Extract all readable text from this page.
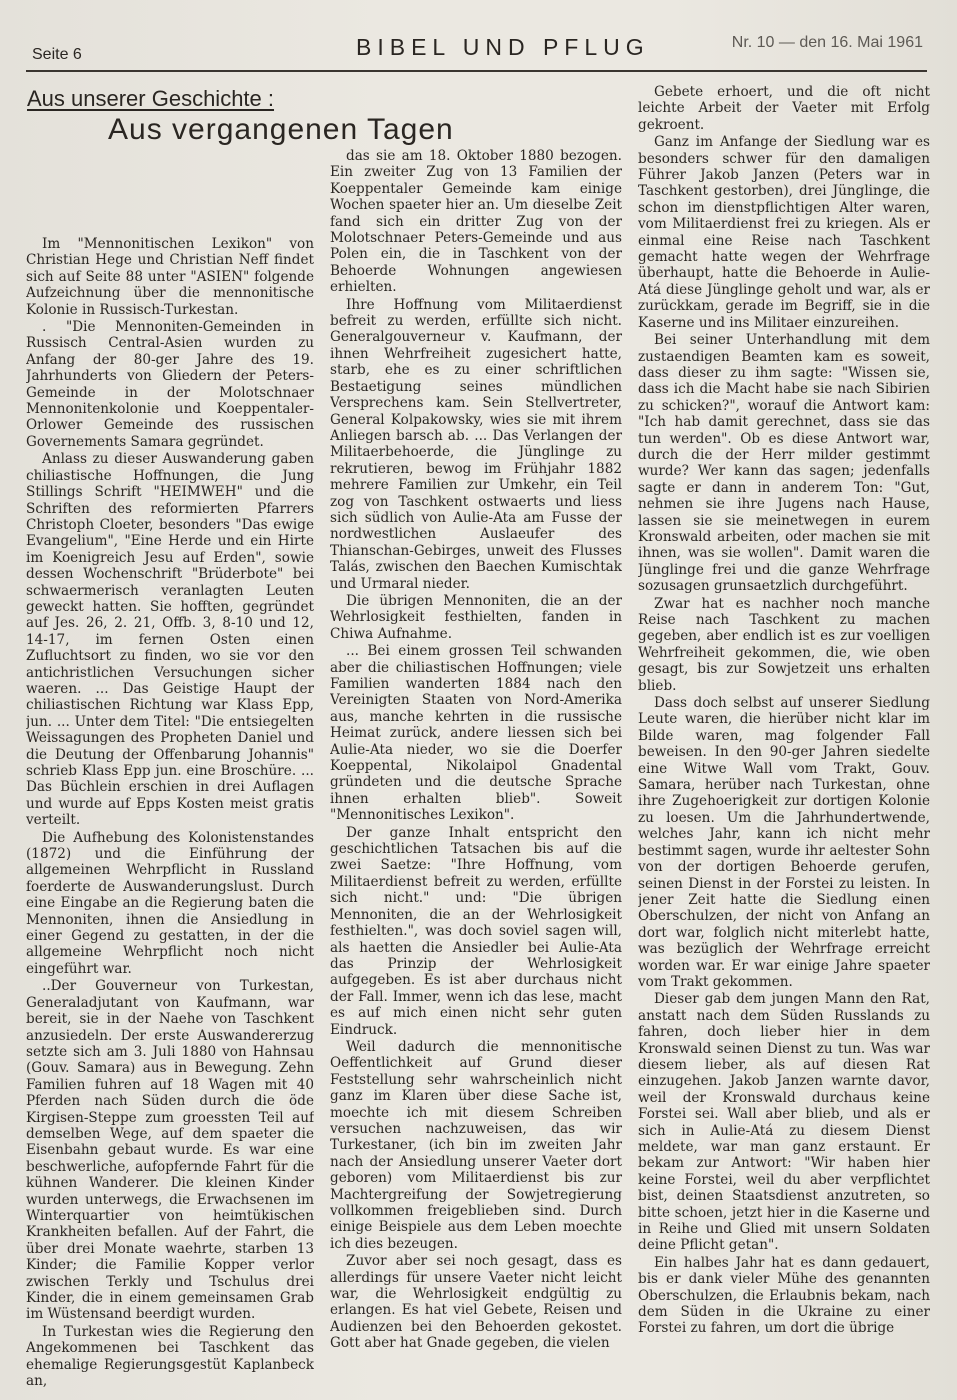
Seite 6	BIBEL UND PFLUG	Nr. 10 — den 16. Mai 1961
Aus unserer Geschichte :
Aus vergangenen Tagen

Im "Mennonitischen Lexikon" von Christian Hege und Christian Neff findet sich auf Seite 88 unter "ASIEN" folgende Aufzeichnung über die mennonitische Kolonie in Russisch-Turkestan.

. "Die Mennoniten-Gemeinden in Russisch Central-Asien wurden zu Anfang der 80-ger Jahre des 19. Jahrhunderts von Gliedern der Peters-Gemeinde in der Molotschnaer Mennonitenkolonie und Koeppentaler-Orlower Gemeinde des russischen Governements Samara gegründet.

Anlass zu dieser Auswanderung gaben chiliastische Hoffnungen, die Jung Stillings Schrift "HEIMWEH" und die Schriften des reformierten Pfarrers Christoph Cloeter, besonders "Das ewige Evangelium", "Eine Herde und ein Hirte im Koenigreich Jesu auf Erden", sowie dessen Wochenschrift "Brüderbote" bei schwaermerisch veranlagten Leuten geweckt hatten. Sie hofften, gegründet auf Jes. 26, 2. 21, Offb. 3, 8-10 und 12, 14-17, im fernen Osten einen Zufluchtsort zu finden, wo sie vor den antichristlichen Versuchungen sicher waeren. ... Das Geistige Haupt der chiliastischen Richtung war Klass Epp, jun. ... Unter dem Titel: "Die entsiegelten Weissagungen des Propheten Daniel und die Deutung der Offenbarung Johannis" schrieb Klass Epp jun. eine Broschüre. ... Das Büchlein erschien in drei Auflagen und wurde auf Epps Kosten meist gratis verteilt.

Die Aufhebung des Kolonistenstandes (1872) und die Einführung der allgemeinen Wehrpflicht in Russland foerderte de Auswanderungslust. Durch eine Eingabe an die Regierung baten die Mennoniten, ihnen die Ansiedlung in einer Gegend zu gestatten, in der die allgemeine Wehrpflicht noch nicht eingeführt war.

..Der Gouverneur von Turkestan, Generaladjutant von Kaufmann, war bereit, sie in der Naehe von Taschkent anzusiedeln. Der erste Auswandererzug setzte sich am 3. Juli 1880 von Hahnsau (Gouv. Samara) aus in Bewegung. Zehn Familien fuhren auf 18 Wagen mit 40 Pferden nach Süden durch die öde Kirgisen-Steppe zum groessten Teil auf demselben Wege, auf dem spaeter die Eisenbahn gebaut wurde. Es war eine beschwerliche, aufopfernde Fahrt für die kühnen Wanderer. Die kleinen Kinder wurden unterwegs, die Erwachsenen im Winterquartier von heimtükischen Krankheiten befallen. Auf der Fahrt, die über drei Monate waehrte, starben 13 Kinder; die Familie Kopper verlor zwischen Terkly und Tschulus drei Kinder, die in einem gemeinsamen Grab im Wüstensand beerdigt wurden.

In Turkestan wies die Regierung den Angekommenen bei Taschkent das ehemalige Regierungsgestüt Kaplanbeck an,

das sie am 18. Oktober 1880 bezogen. Ein zweiter Zug von 13 Familien der Koeppentaler Gemeinde kam einige Wochen spaeter hier an. Um dieselbe Zeit fand sich ein dritter Zug von der Molotschnaer Peters-Gemeinde und aus Polen ein, die in Taschkent von der Behoerde Wohnungen angewiesen erhielten.

Ihre Hoffnung vom Militaerdienst befreit zu werden, erfüllte sich nicht. Generalgouverneur v. Kaufmann, der ihnen Wehrfreiheit zugesichert hatte, starb, ehe es zu einer schriftlichen Bestaetigung seines mündlichen Versprechens kam. Sein Stellvertreter, General Kolpakowsky, wies sie mit ihrem Anliegen barsch ab. ... Das Verlangen der Militaerbehoerde, die Jünglinge zu rekrutieren, bewog im Frühjahr 1882 mehrere Familien zur Umkehr, ein Teil zog von Taschkent ostwaerts und liess sich südlich von Aulie-Ata am Fusse der nordwestlichen Auslaeufer des Thianschan-Gebirges, unweit des Flusses Talás, zwischen den Baechen Kumischtak und Urmaral nieder.

Die übrigen Mennoniten, die an der Wehrlosigkeit festhielten, fanden in Chiwa Aufnahme.

... Bei einem grossen Teil schwanden aber die chiliastischen Hoffnungen; viele Familien wanderten 1884 nach den Vereinigten Staaten von Nord-Amerika aus, manche kehrten in die russische Heimat zurück, andere liessen sich bei Aulie-Ata nieder, wo sie die Doerfer Koeppental, Nikolaipol Gnadental gründeten und die deutsche Sprache ihnen erhalten blieb". Soweit "Mennonitisches Lexikon".

Der ganze Inhalt entspricht den geschichtlichen Tatsachen bis auf die zwei Saetze: "Ihre Hoffnung, vom Militaerdienst befreit zu werden, erfüllte sich nicht." und: "Die übrigen Mennoniten, die an der Wehrlosigkeit festhielten.", was doch soviel sagen will, als haetten die Ansiedler bei Aulie-Ata das Prinzip der Wehrlosigkeit aufgegeben. Es ist aber durchaus nicht der Fall. Immer, wenn ich das lese, macht es auf mich einen nicht sehr guten Eindruck.

Weil dadurch die mennonitische Oeffentlichkeit auf Grund dieser Feststellung sehr wahrscheinlich nicht ganz im Klaren über diese Sache ist, moechte ich mit diesem Schreiben versuchen nachzuweisen, das wir Turkestaner, (ich bin im zweiten Jahr nach der Ansiedlung unserer Vaeter dort geboren) vom Militaerdienst bis zur Machtergreifung der Sowjetregierung vollkommen freigeblieben sind. Durch einige Beispiele aus dem Leben moechte ich dies bezeugen.

Zuvor aber sei noch gesagt, dass es allerdings für unsere Vaeter nicht leicht war, die Wehrlosigkeit endgültig zu erlangen. Es hat viel Gebete, Reisen und Audienzen bei den Behoerden gekostet. Gott aber hat Gnade gegeben, die vielen

Gebete erhoert, und die oft nicht leichte Arbeit der Vaeter mit Erfolg gekroent.

Ganz im Anfange der Siedlung war es besonders schwer für den damaligen Führer Jakob Janzen (Peters war in Taschkent gestorben), drei Jünglinge, die schon im dienstpflichtigen Alter waren, vom Militaerdienst frei zu kriegen. Als er einmal eine Reise nach Taschkent gemacht hatte wegen der Wehrfrage überhaupt, hatte die Behoerde in Aulie-Atá diese Jünglinge geholt und war, als er zurückkam, gerade im Begriff, sie in die Kaserne und ins Militaer einzureihen.

Bei seiner Unterhandlung mit dem zustaendigen Beamten kam es soweit, dass dieser zu ihm sagte: "Wissen sie, dass ich die Macht habe sie nach Sibirien zu schicken?", worauf die Antwort kam: "Ich hab damit gerechnet, dass sie das tun werden". Ob es diese Antwort war, durch die der Herr milder gestimmt wurde? Wer kann das sagen; jedenfalls sagte er dann in anderem Ton: "Gut, nehmen sie ihre Jugens nach Hause, lassen sie sie meinetwegen in eurem Kronswald arbeiten, oder machen sie mit ihnen, was sie wollen". Damit waren die Jünglinge frei und die ganze Wehrfrage sozusagen grunsaetzlich durchgeführt.

Zwar hat es nachher noch manche Reise nach Taschkent zu machen gegeben, aber endlich ist es zur voelligen Wehrfreiheit gekommen, die, wie oben gesagt, bis zur Sowjetzeit uns erhalten blieb.

Dass doch selbst auf unserer Siedlung Leute waren, die hierüber nicht klar im Bilde waren, mag folgender Fall beweisen. In den 90-ger Jahren siedelte eine Witwe Wall vom Trakt, Gouv. Samara, herüber nach Turkestan, ohne ihre Zugehoerigkeit zur dortigen Kolonie zu loesen. Um die Jahrhundertwende, welches Jahr, kann ich nicht mehr bestimmt sagen, wurde ihr aeltester Sohn von der dortigen Behoerde gerufen, seinen Dienst in der Forstei zu leisten. In jener Zeit hatte die Siedlung einen Oberschulzen, der nicht von Anfang an dort war, folglich nicht miterlebt hatte, was bezüglich der Wehrfrage erreicht worden war. Er war einige Jahre spaeter vom Trakt gekommen.

Dieser gab dem jungen Mann den Rat, anstatt nach dem Süden Russlands zu fahren, doch lieber hier in dem Kronswald seinen Dienst zu tun. Was war diesem lieber, als auf diesen Rat einzugehen. Jakob Janzen warnte davor, weil der Kronswald durchaus keine Forstei sei. Wall aber blieb, und als er sich in Aulie-Atá zu diesem Dienst meldete, war man ganz erstaunt. Er bekam zur Antwort: "Wir haben hier keine Forstei, weil du aber verpflichtet bist, deinen Staatsdienst anzutreten, so bitte schoen, jetzt hier in die Kaserne und in Reihe und Glied mit unsern Soldaten deine Pflicht getan".

Ein halbes Jahr hat es dann gedauert, bis er dank vieler Mühe des genannten Oberschulzen, die Erlaubnis bekam, nach dem Süden in die Ukraine zu einer Forstei zu fahren, um dort die übrige
